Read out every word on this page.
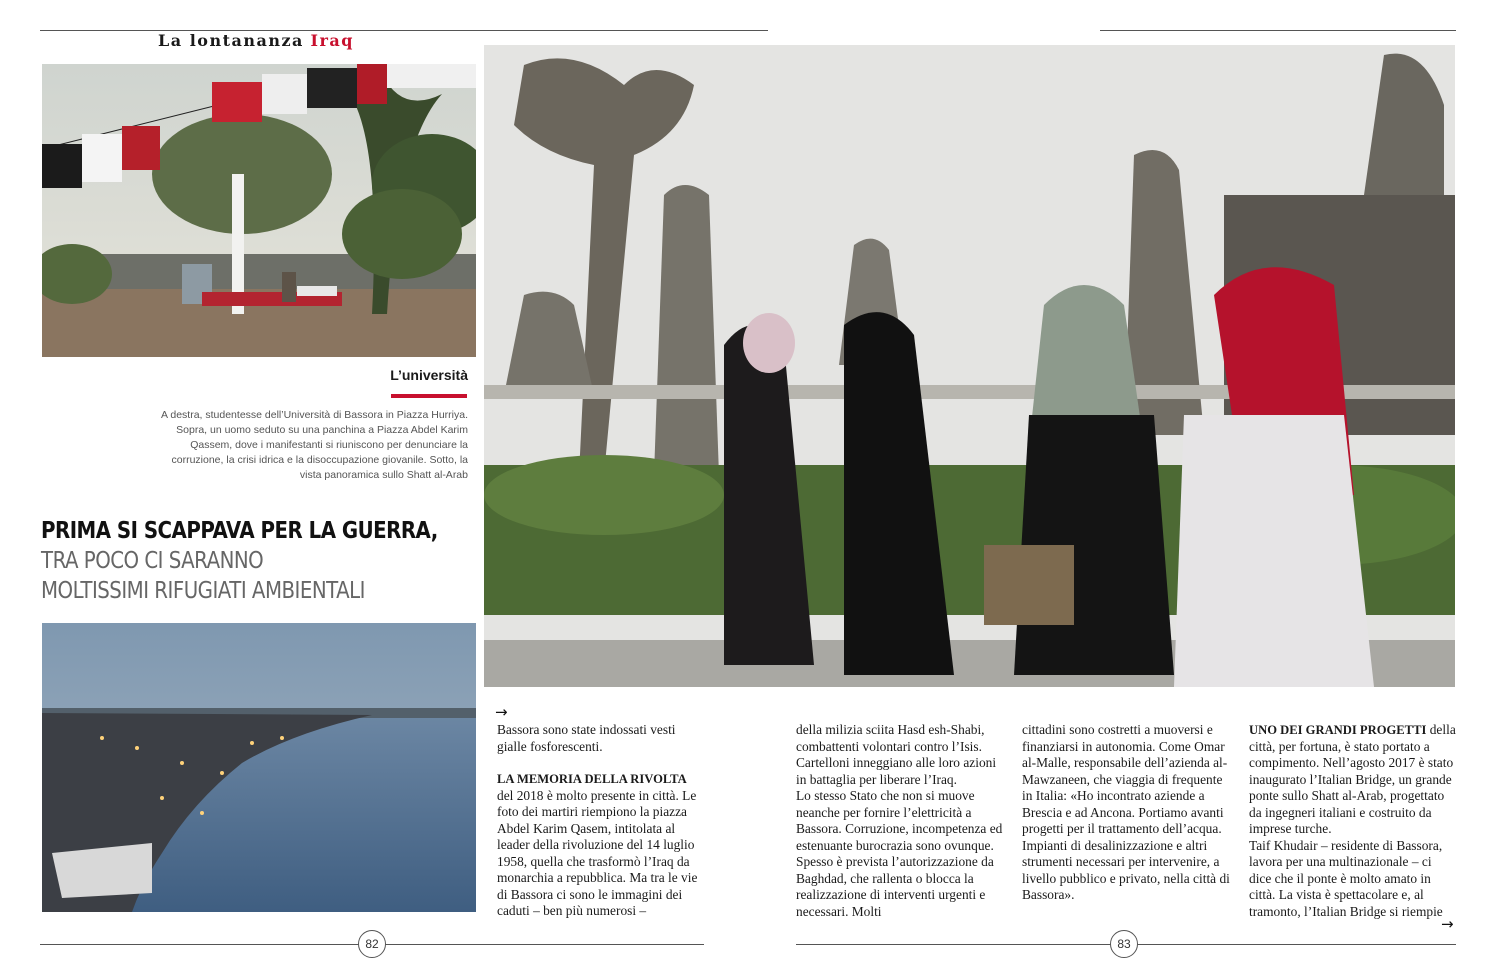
La lontananza Iraq
L’università
A destra, studentesse dell’Università di Bassora in Piazza Hurriya. Sopra, un uomo seduto su una panchina a Piazza Abdel Karim Qassem, dove i manifestanti si riuniscono per denunciare la corruzione, la crisi idrica e la disoccupazione giovanile. Sotto, la vista panoramica sullo Shatt al-Arab
PRIMA SI SCAPPAVA PER LA GUERRA,
TRA POCO CI SARANNO
MOLTISSIMI RIFUGIATI AMBIENTALI
→

Bassora sono state indossati vesti gialle fosforescenti.

LA MEMORIA DELLA RIVOLTA del 2018 è molto presente in città. Le foto dei martiri riempiono la piazza Abdel Karim Qasem, intitolata al leader della rivoluzione del 14 luglio 1958, quella che trasformò l’Iraq da monarchia a repubblica. Ma tra le vie di Bassora ci sono le immagini dei caduti – ben più numerosi –

della milizia sciita Hasd esh-Shabi, combattenti volontari contro l’Isis. Cartelloni inneggiano alle loro azioni in battaglia per liberare l’Iraq.

Lo stesso Stato che non si muove neanche per fornire l’elettricità a Bassora. Corruzione, incompetenza ed estenuante burocrazia sono ovunque. Spesso è prevista l’autorizzazione da Baghdad, che rallenta o blocca la realizzazione di interventi urgenti e necessari. Molti

cittadini sono costretti a muoversi e finanziarsi in autonomia. Come Omar al-Malle, responsabile dell’azienda al-Mawzaneen, che viaggia di frequente in Italia: «Ho incontrato aziende a Brescia e ad Ancona. Portiamo avanti progetti per il trattamento dell’acqua. Impianti di desalinizzazione e altri strumenti necessari per intervenire, a livello pubblico e privato, nella città di Bassora».

UNO DEI GRANDI PROGETTI della città, per fortuna, è stato portato a compimento. Nell’agosto 2017 è stato inaugurato l’Italian Bridge, un grande ponte sullo Shatt al-Arab, progettato da ingegneri italiani e costruito da imprese turche.

Taif Khudair – residente di Bassora, lavora per una multinazionale – ci dice che il ponte è molto amato in città. La vista è spettacolare e, al tramonto, l’Italian Bridge si riempie

→
82	83
